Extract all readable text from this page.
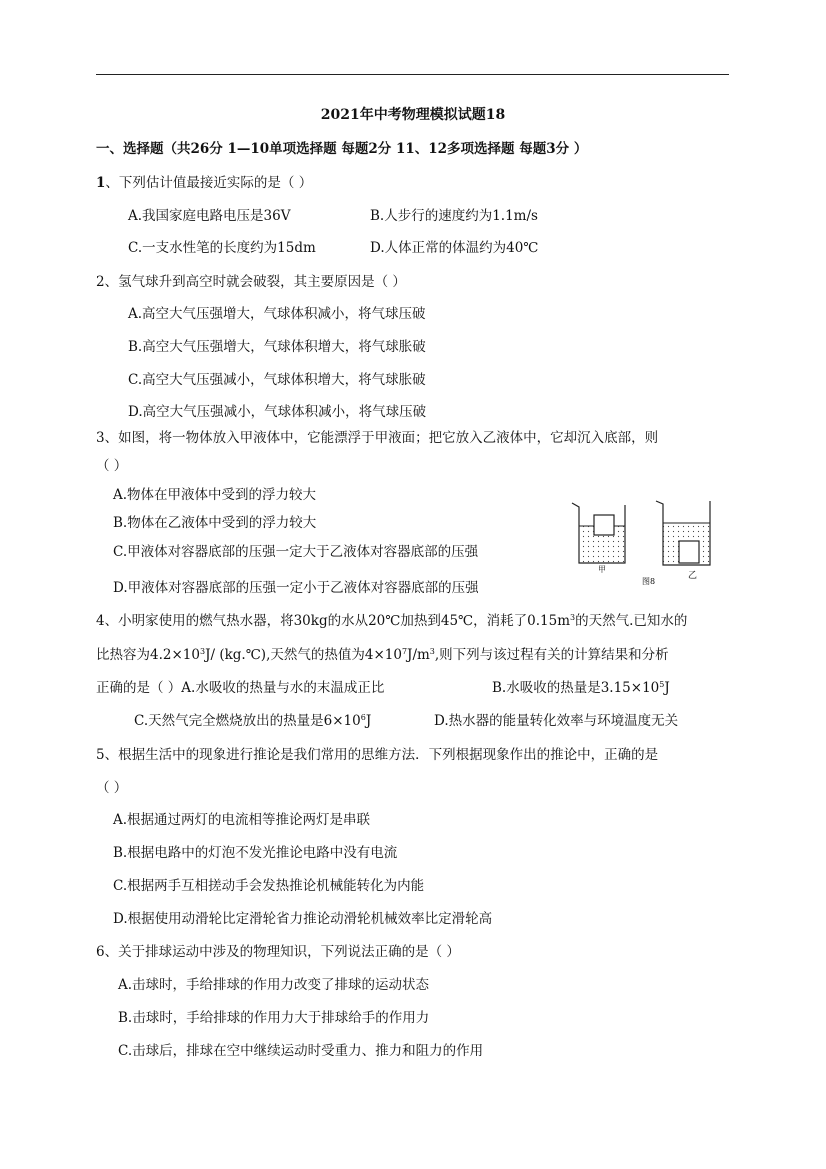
2021年中考物理模拟试题18
一、选择题（共26分 1—10单项选择题 每题2分 11、12多项选择题 每题3分 ）
1、下列估计值最接近实际的是（ ）
A.我国家庭电路电压是36V	B.人步行的速度约为1.1m/s
C.一支水性笔的长度约为15dm	D.人体正常的体温约为40℃
2、氢气球升到高空时就会破裂，其主要原因是（ ）
A.高空大气压强增大，气球体积减小，将气球压破
B.高空大气压强增大，气球体积增大，将气球胀破
C.高空大气压强减小，气球体积增大，将气球胀破
D.高空大气压强减小，气球体积减小，将气球压破
3、如图，将一物体放入甲液体中，它能漂浮于甲液面；把它放入乙液体中，它却沉入底部，则
（ ）
A.物体在甲液体中受到的浮力较大
B.物体在乙液体中受到的浮力较大
C.甲液体对容器底部的压强一定大于乙液体对容器底部的压强
D.甲液体对容器底部的压强一定小于乙液体对容器底部的压强
甲
图8
乙
4、小明家使用的燃气热水器，将30kg的水从20℃加热到45℃，消耗了$0.15m^3$的天然气.已知水的
比热容为$4.2\times 10^3J/$ (kg.℃),天然气的热值为$4\times 10^7J/m^3$,则下列与该过程有关的计算结果和分析
正确的是（ ）A.水吸收的热量与水的末温成正比	B.水吸收的热量是$3.15\times 10^5J$
C.天然气完全燃烧放出的热量是$6\times 10^6J$	D.热水器的能量转化效率与环境温度无关
5、根据生活中的现象进行推论是我们常用的思维方法．下列根据现象作出的推论中，正确的是
（ ）
A.根据通过两灯的电流相等推论两灯是串联
B.根据电路中的灯泡不发光推论电路中没有电流
C.根据两手互相搓动手会发热推论机械能转化为内能
D.根据使用动滑轮比定滑轮省力推论动滑轮机械效率比定滑轮高
6、关于排球运动中涉及的物理知识，下列说法正确的是（ ）
A.击球时，手给排球的作用力改变了排球的运动状态
B.击球时，手给排球的作用力大于排球给手的作用力
C.击球后，排球在空中继续运动时受重力、推力和阻力的作用
